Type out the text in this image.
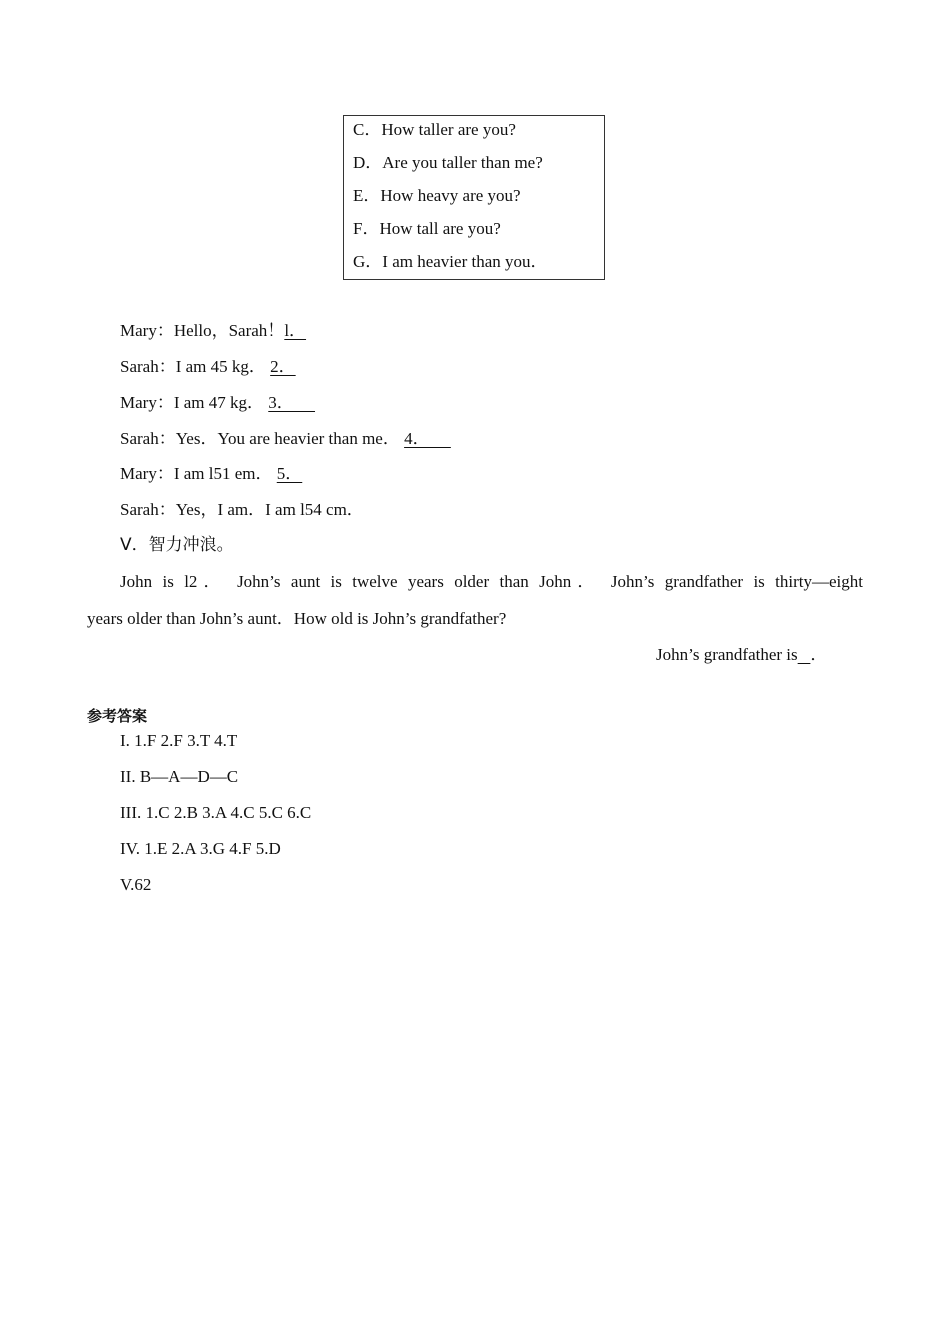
C．How taller are you?
D．Are you taller than me?
E．How heavy are you?
F．How tall are you?
G．I am heavier than you．
Mary：Hello，Sarah！l．
Sarah：I am 45 kg． 2．
Mary：I am 47 kg． 3．
Sarah：Yes．You are heavier than me． 4．
Mary：I am l51 em． 5．
Sarah：Yes，I am．I am l54 cm．
V．智力冲浪。

John is l2． John’s aunt is twelve years older than John． John’s grandfather is thirty—eight

years older than John’s aunt．How old is John’s grandfather?

John’s grandfather is ．
参考答案
I. 1.F 2.F 3.T 4.T
II. B—A—D—C
III. 1.C 2.B 3.A 4.C 5.C 6.C
IV. 1.E 2.A 3.G 4.F 5.D
V.62
